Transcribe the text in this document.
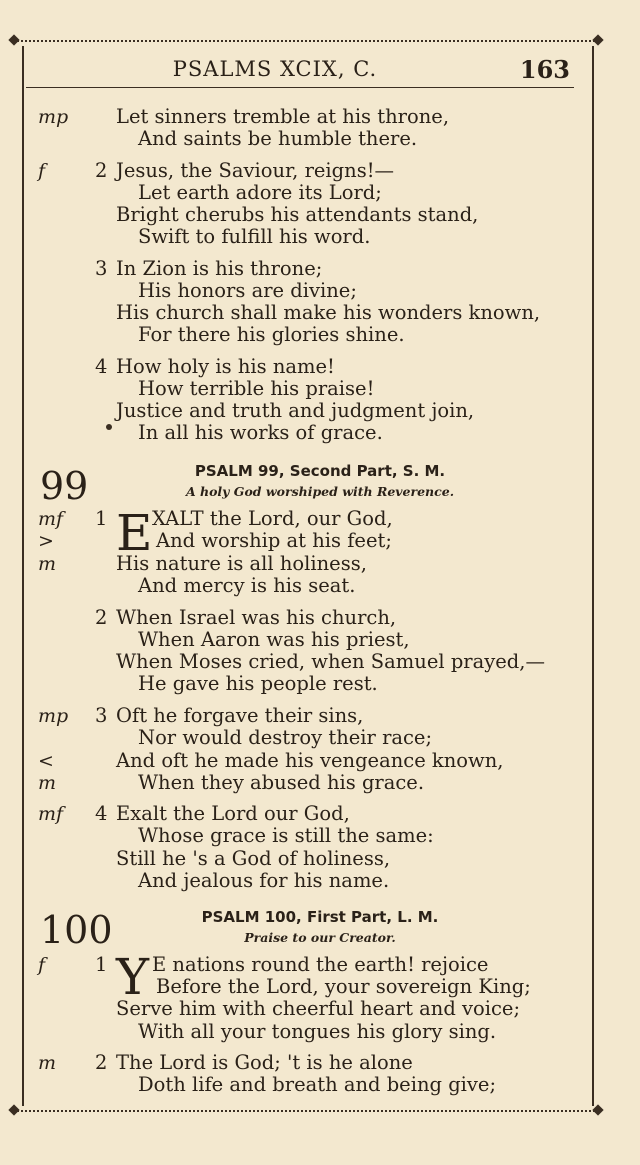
PSALMS XCIX, C.	163
mp Let sinners tremble at his throne,
And saints be humble there.
f	2 Jesus, the Saviour, reigns!—
Let earth adore its Lord;
Bright cherubs his attendants stand,
Swift to fulfill his word.
3 In Zion is his throne;
His honors are divine;
His church shall make his wonders known,
For there his glories shine.
4 How holy is his name!
How terrible his praise!
Justice and truth and judgment join,
In all his works of grace.
99	PSALM 99, Second Part, S. M.
A holy God worshiped with Reverence.
E
mf 1 XALT the Lord, our God,
>	And worship at his feet;
m	His nature is all holiness,
And mercy is his seat.
2 When Israel was his church,
When Aaron was his priest,
When Moses cried, when Samuel prayed,—
He gave his people rest.
mp 3 Oft he forgave their sins,
Nor would destroy their race;
<	And oft he made his vengeance known,
m	When they abused his grace.
mf 4 Exalt the Lord our God,
Whose grace is still the same:
Still he 's a God of holiness,
And jealous for his name.
100	PSALM 100, First Part, L. M.
Praise to our Creator.
Y
f	1 E nations round the earth! rejoice
Before the Lord, your sovereign King;
Serve him with cheerful heart and voice;
With all your tongues his glory sing.
m 2 The Lord is God; 't is he alone
Doth life and breath and being give;
